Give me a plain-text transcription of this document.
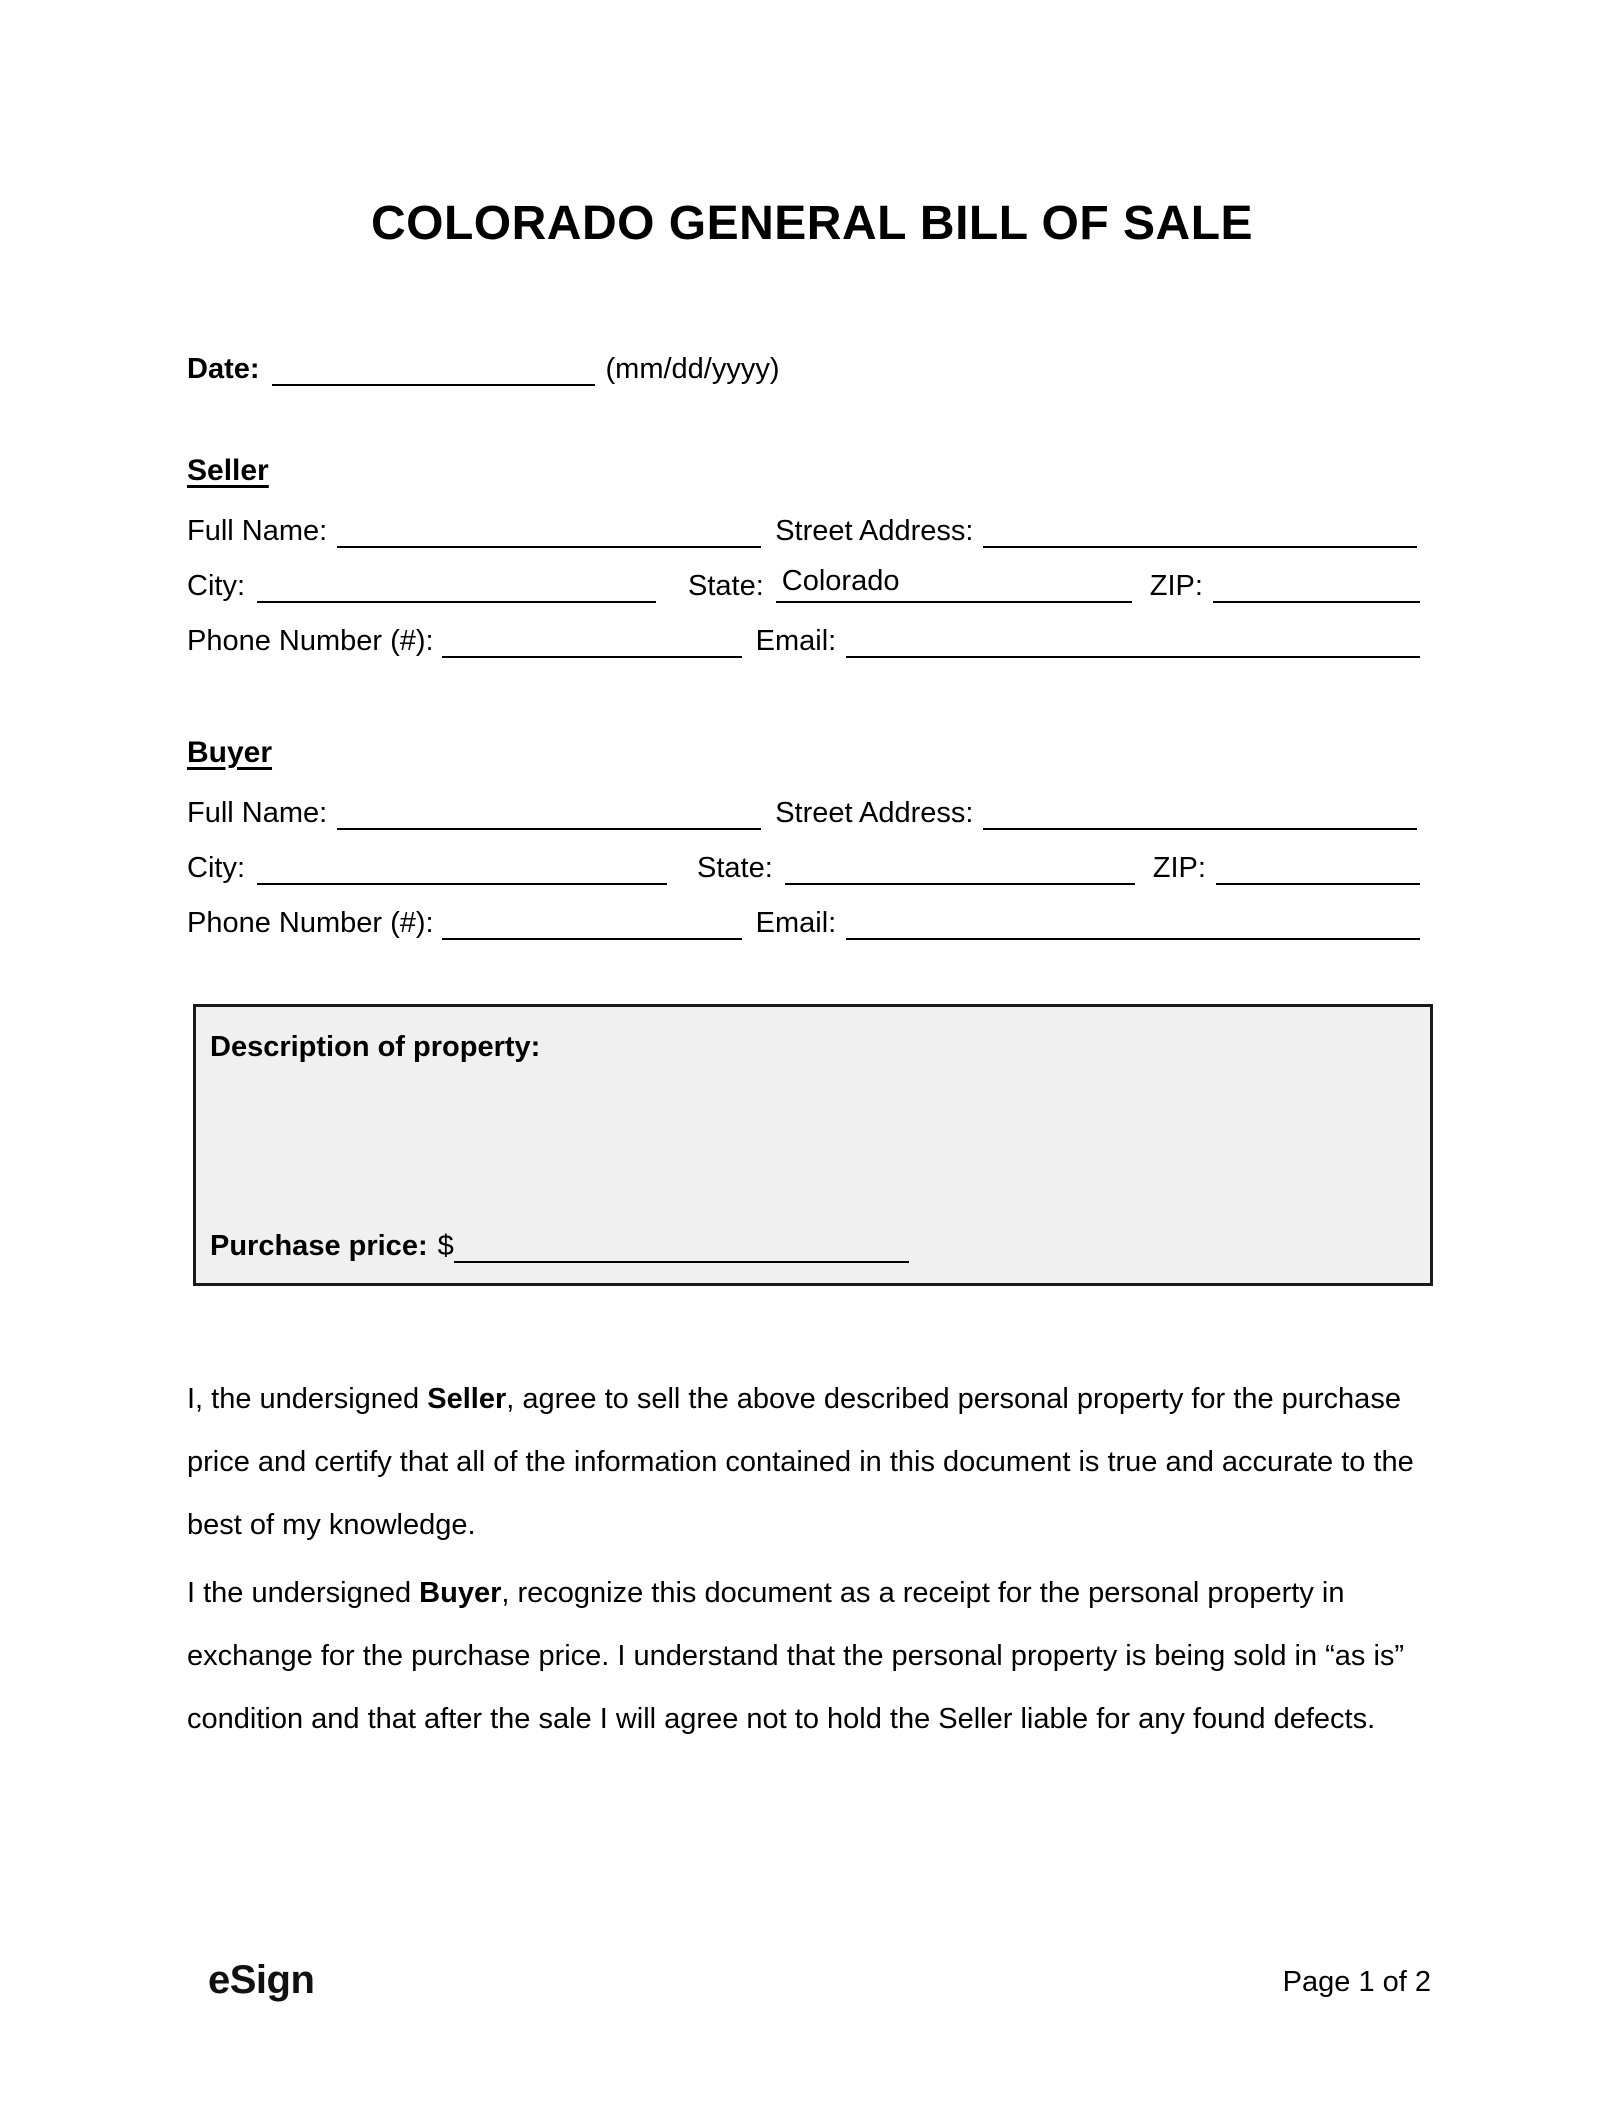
COLORADO GENERAL BILL OF SALE
Date:	(mm/dd/yyyy)
Seller
Full Name:	Street Address:
City:	State: Colorado	ZIP:
Phone Number (#):	Email:
Buyer
Full Name:	Street Address:
City:	State:	ZIP:
Phone Number (#):	Email:
Description of property:
Purchase price: $
I, the undersigned Seller, agree to sell the above described personal property for the purchase price and certify that all of the information contained in this document is true and accurate to the best of my knowledge.
I the undersigned Buyer, recognize this document as a receipt for the personal property in exchange for the purchase price. I understand that the personal property is being sold in “as is” condition and that after the sale I will agree not to hold the Seller liable for any found defects.
eSign	Page 1 of 2
